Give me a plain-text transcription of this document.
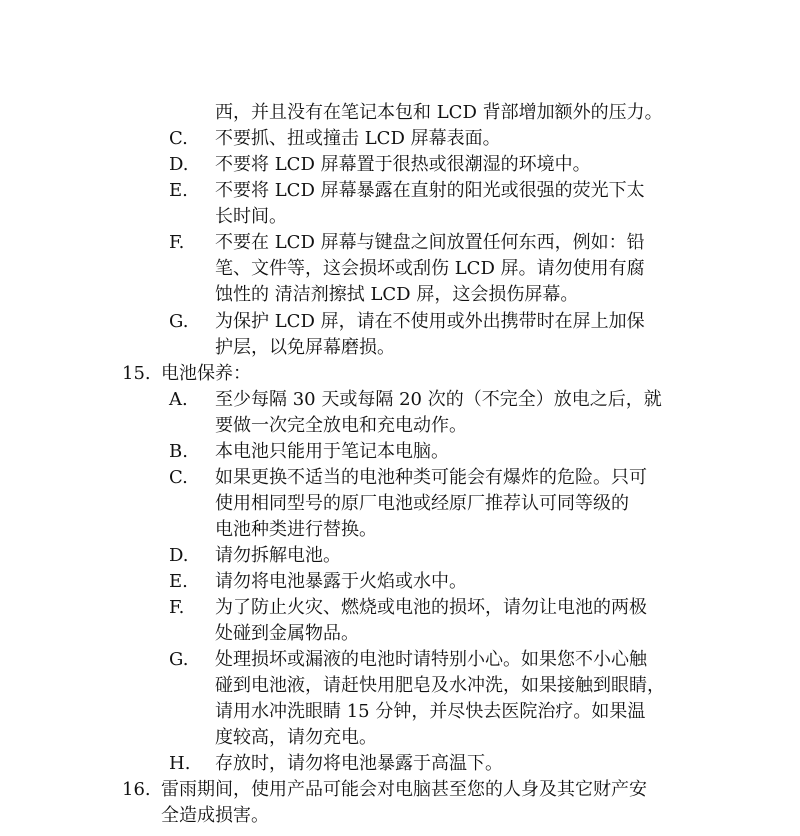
西，并且没有在笔记本包和 LCD 背部增加额外的压力。
C. 不要抓、扭或撞击 LCD 屏幕表面。
D. 不要将 LCD 屏幕置于很热或很潮湿的环境中。
E. 不要将 LCD 屏幕暴露在直射的阳光或很强的荧光下太
长时间。
F. 不要在 LCD 屏幕与键盘之间放置任何东西，例如：铅
笔、文件等，这会损坏或刮伤 LCD 屏。请勿使用有腐
蚀性的 清洁剂擦拭 LCD 屏，这会损伤屏幕。
G. 为保护 LCD 屏，请在不使用或外出携带时在屏上加保
护层，以免屏幕磨损。
15. 电池保养：
A. 至少每隔 30 天或每隔 20 次的（不完全）放电之后，就
要做一次完全放电和充电动作。
B. 本电池只能用于笔记本电脑。
C. 如果更换不适当的电池种类可能会有爆炸的危险。只可
使用相同型号的原厂电池或经原厂推荐认可同等级的
电池种类进行替换。
D. 请勿拆解电池。
E. 请勿将电池暴露于火焰或水中。
F. 为了防止火灾、燃烧或电池的损坏，请勿让电池的两极
处碰到金属物品。
G. 处理损坏或漏液的电池时请特别小心。如果您不小心触
碰到电池液，请赶快用肥皂及水冲洗，如果接触到眼睛，
请用水冲洗眼睛 15 分钟，并尽快去医院治疗。如果温
度较高，请勿充电。
H. 存放时，请勿将电池暴露于高温下。
16. 雷雨期间，使用产品可能会对电脑甚至您的人身及其它财产安
全造成损害。
